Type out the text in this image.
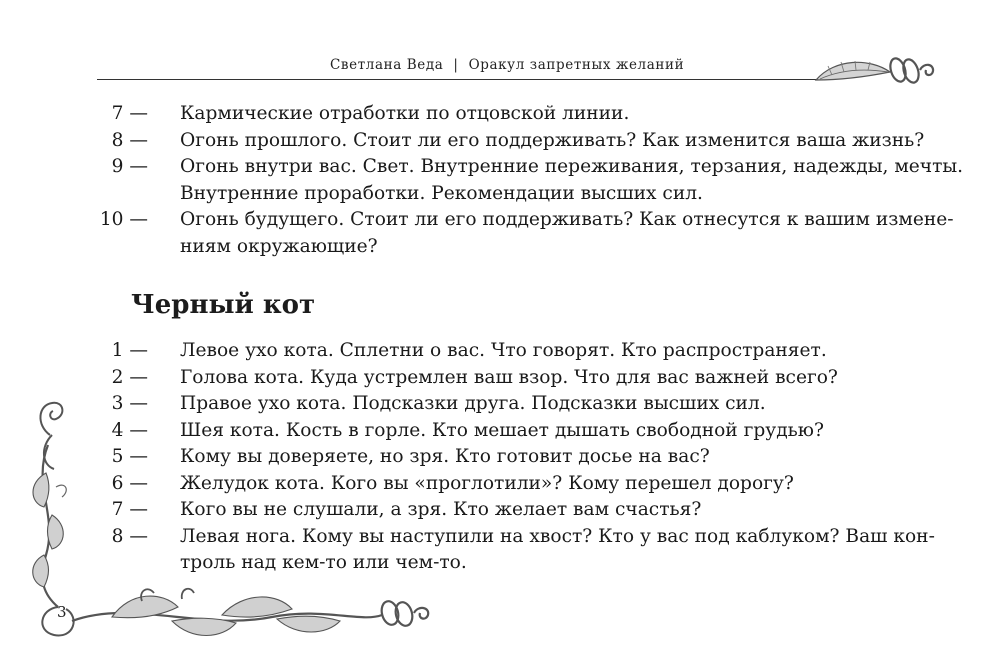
Светлана Веда | Оракул запретных желаний
7 — Кармические отработки по отцовской линии.
8 — Огонь прошлого. Стоит ли его поддерживать? Как изменится ваша жизнь?
9 — Огонь внутри вас. Свет. Внутренние переживания, терзания, надежды, мечты.
Внутренние проработки. Рекомендации высших сил.
10 — Огонь будущего. Стоит ли его поддерживать? Как отнесутся к вашим измене-
ниям окружающие?
Черный кот
1 — Левое ухо кота. Сплетни о вас. Что говорят. Кто распространяет.
2 — Голова кота. Куда устремлен ваш взор. Что для вас важней всего?
3 — Правое ухо кота. Подсказки друга. Подсказки высших сил.
4 — Шея кота. Кость в горле. Кто мешает дышать свободной грудью?
5 — Кому вы доверяете, но зря. Кто готовит досье на вас?
6 — Желудок кота. Кого вы «проглотили»? Кому перешел дорогу?
7 — Кого вы не слушали, а зря. Кто желает вам счастья?
8 — Левая нога. Кому вы наступили на хвост? Кто у вас под каблуком? Ваш кон-
троль над кем-то или чем-то.
3
